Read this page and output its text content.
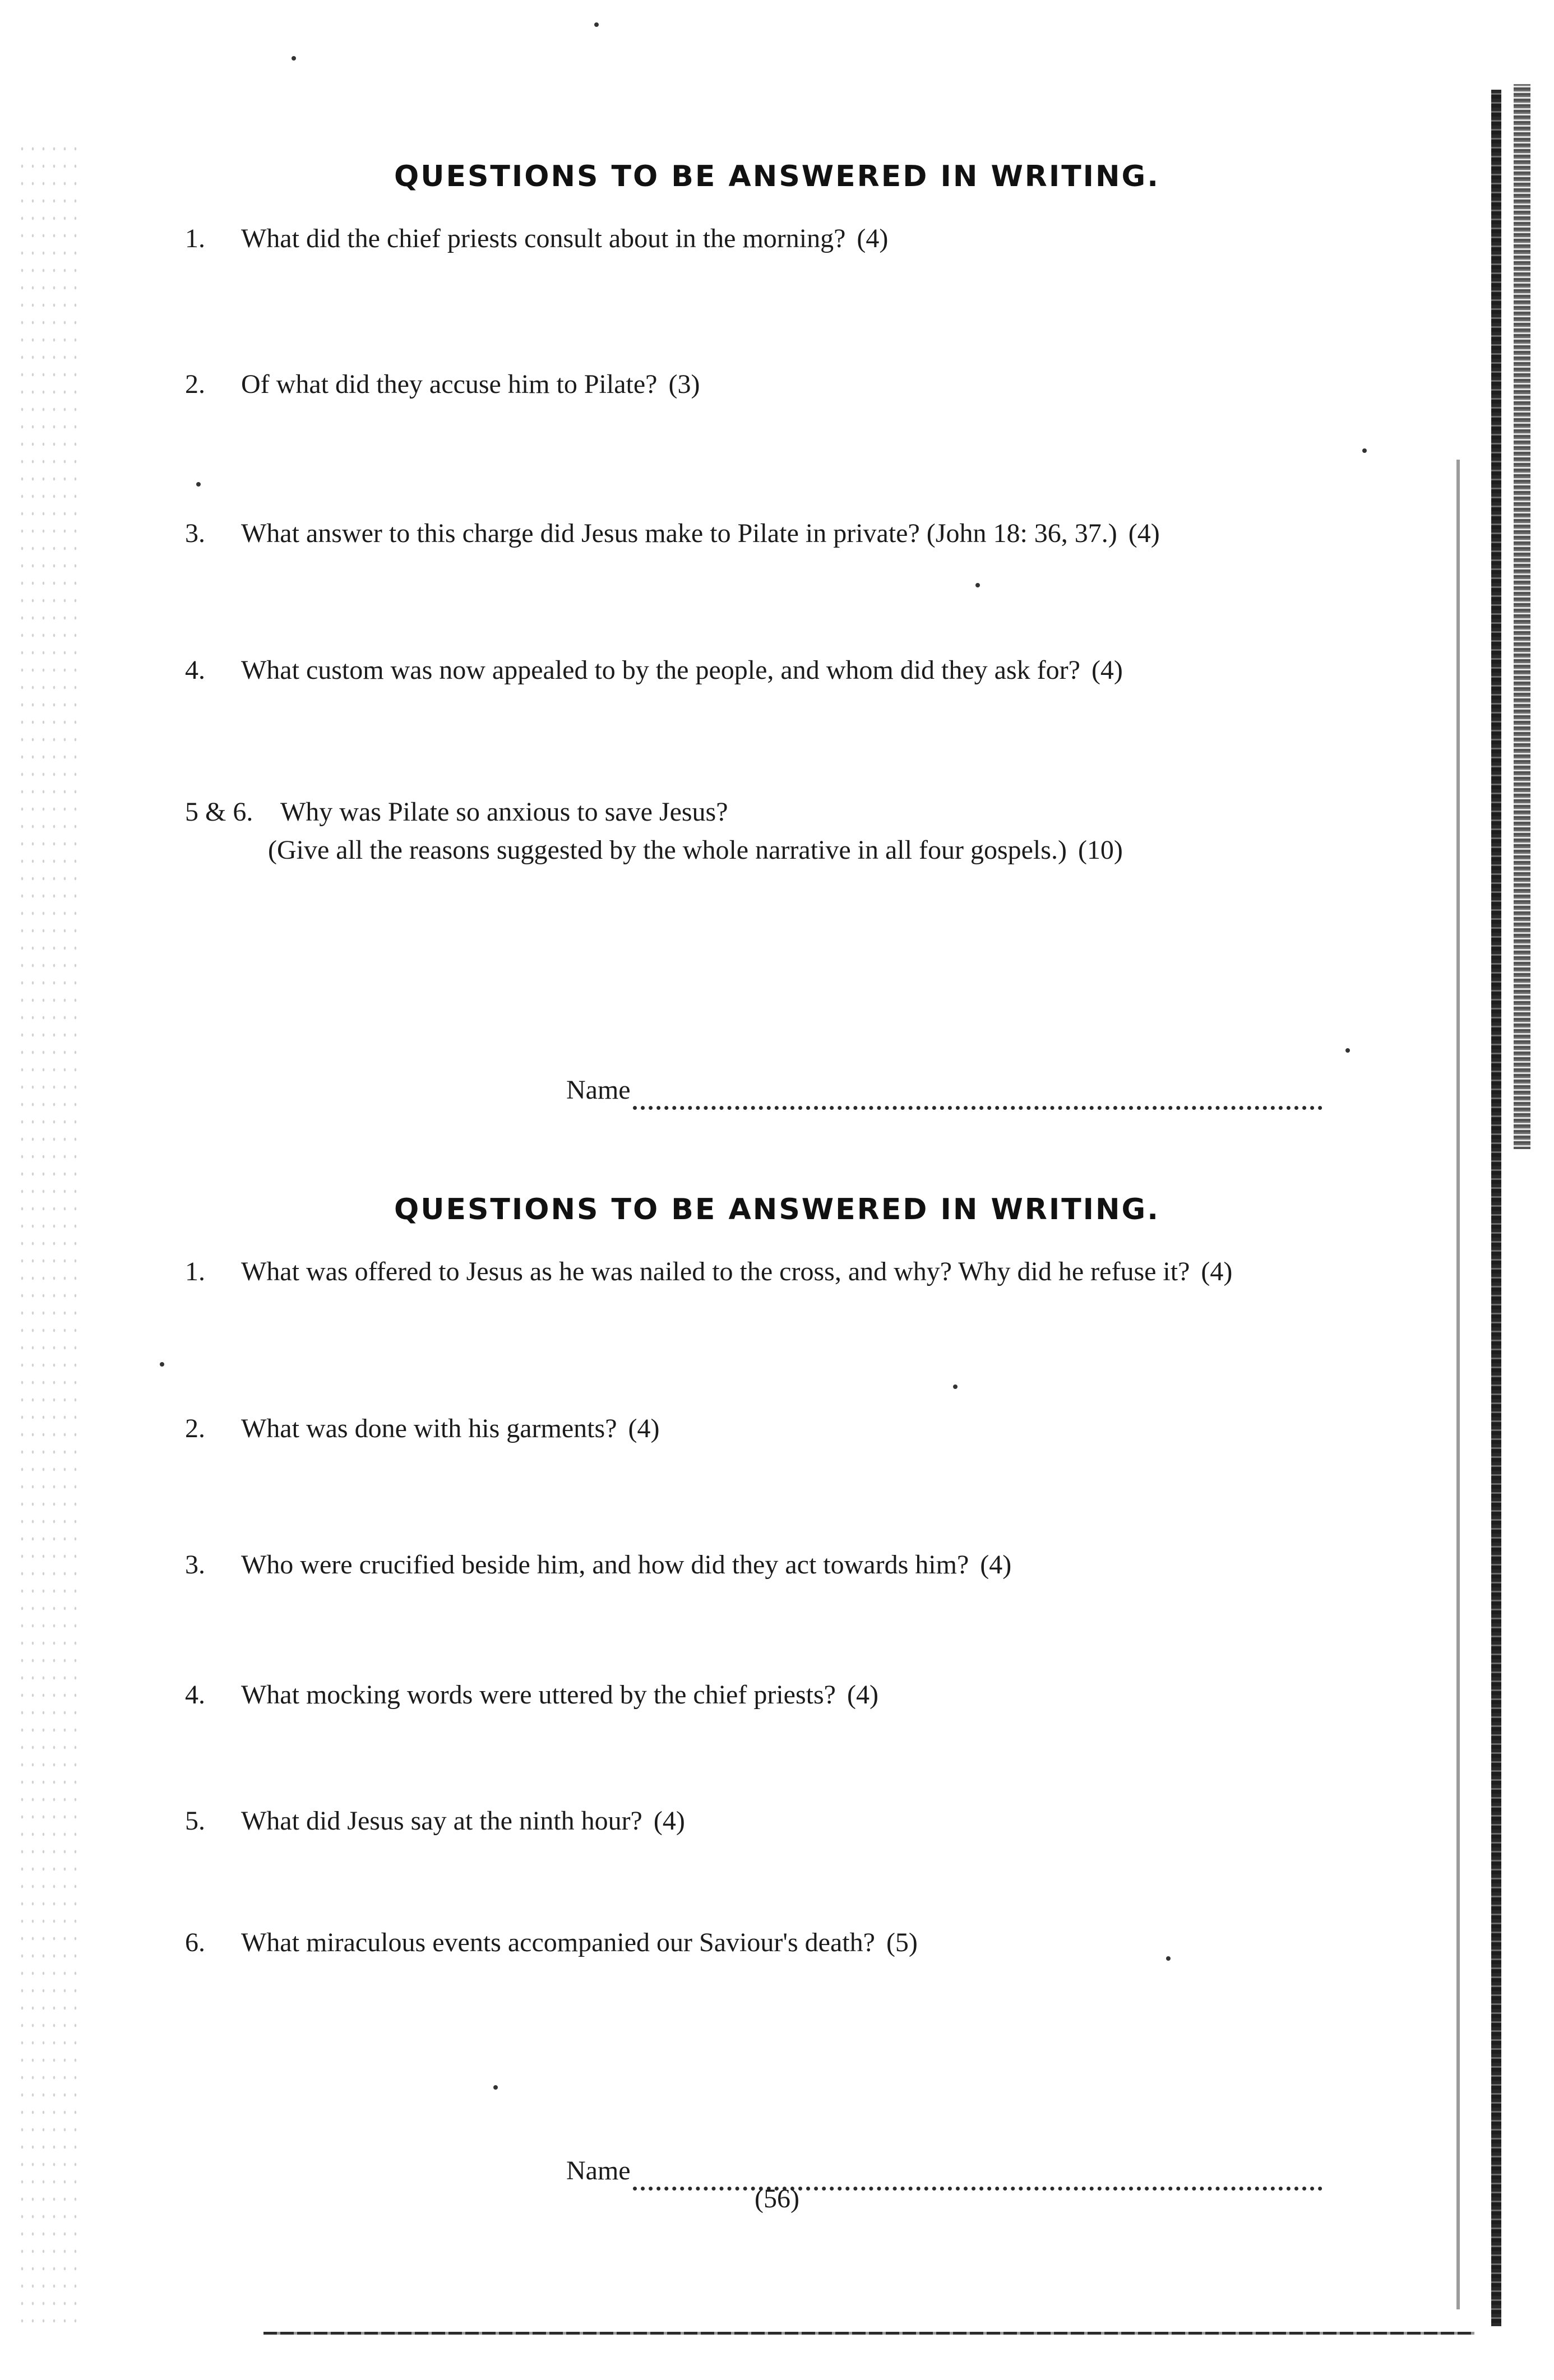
QUESTIONS TO BE ANSWERED IN WRITING.
1. What did the chief priests consult about in the morning? (4)
2. Of what did they accuse him to Pilate? (3)
3. What answer to this charge did Jesus make to Pilate in private? (John 18: 36, 37.) (4)
4. What custom was now appealed to by the people, and whom did they ask for? (4)
5 & 6. Why was Pilate so anxious to save Jesus?
(Give all the reasons suggested by the whole narrative in all four gospels.) (10)
Name
QUESTIONS TO BE ANSWERED IN WRITING.
1. What was offered to Jesus as he was nailed to the cross, and why? Why did he refuse it? (4)
2. What was done with his garments? (4)
3. Who were crucified beside him, and how did they act towards him? (4)
4. What mocking words were uttered by the chief priests? (4)
5. What did Jesus say at the ninth hour? (4)
6. What miraculous events accompanied our Saviour's death? (5)
Name
(56)
